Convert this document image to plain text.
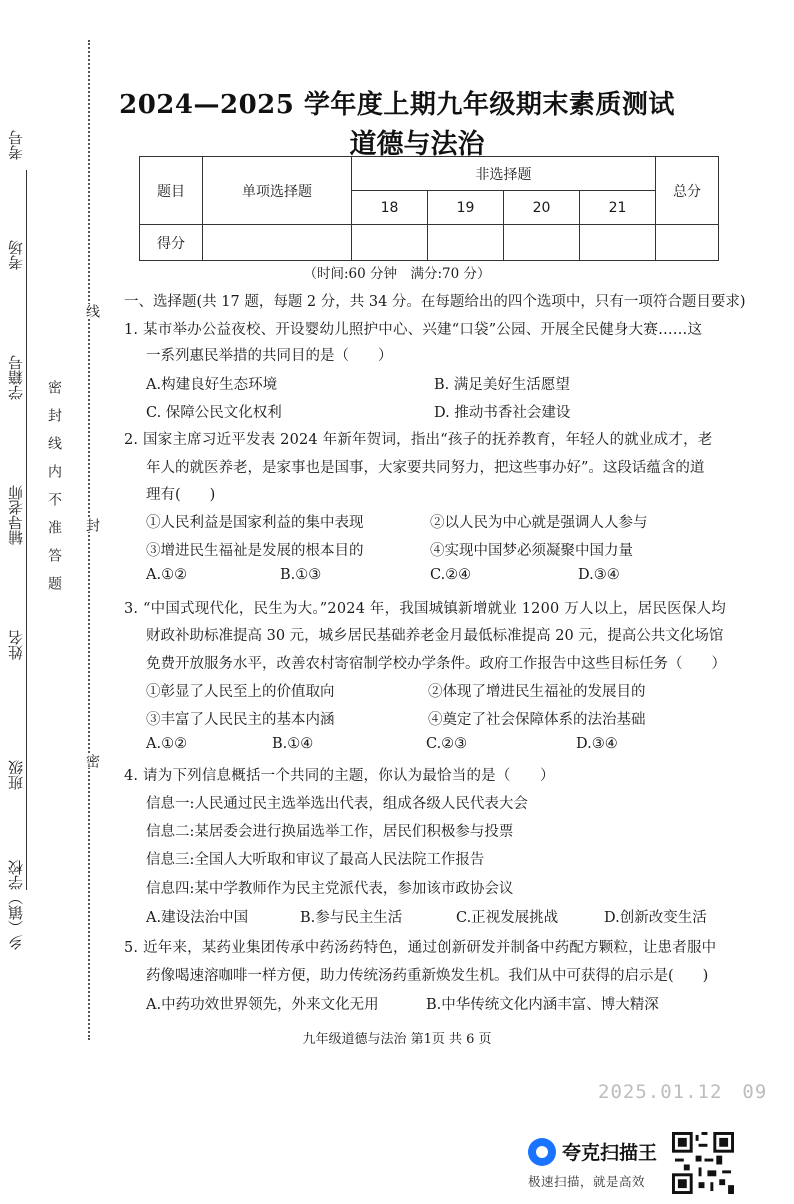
考号
考场
学籍号
辅导老师
姓名
班级
乡（镇）学校
密　封　线　内　不　准　答　题
线
封
密
2024—2025 学年度上期九年级期末素质测试
道德与法治
题目	单项选择题	非选择题				总分
		18	19	20	21	
得分						
（时间:60 分钟　满分:70 分）
一、选择题(共 17 题，每题 2 分，共 34 分。在每题给出的四个选项中，只有一项符合题目要求)
1. 某市举办公益夜校、开设婴幼儿照护中心、兴建“口袋”公园、开展全民健身大赛……这
一系列惠民举措的共同目的是（　　）
A.构建良好生态环境	B. 满足美好生活愿望
C. 保障公民文化权利	D. 推动书香社会建设
2. 国家主席习近平发表 2024 年新年贺词，指出“孩子的抚养教育，年轻人的就业成才，老
年人的就医养老，是家事也是国事，大家要共同努力，把这些事办好”。这段话蕴含的道
理有(　　)
①人民利益是国家利益的集中表现	②以人民为中心就是强调人人参与
③增进民生福祉是发展的根本目的	④实现中国梦必须凝聚中国力量
A.①②	B.①③	C.②④	D.③④
3. “中国式现代化，民生为大。”2024 年，我国城镇新增就业 1200 万人以上，居民医保人均
财政补助标准提高 30 元，城乡居民基础养老金月最低标准提高 20 元，提高公共文化场馆
免费开放服务水平，改善农村寄宿制学校办学条件。政府工作报告中这些目标任务（　　）
①彰显了人民至上的价值取向	②体现了增进民生福祉的发展目的
③丰富了人民民主的基本内涵	④奠定了社会保障体系的法治基础
A.①②	B.①④	C.②③	D.③④
4. 请为下列信息概括一个共同的主题，你认为最恰当的是（　　）
信息一:人民通过民主选举选出代表，组成各级人民代表大会
信息二:某居委会进行换届选举工作，居民们积极参与投票
信息三:全国人大听取和审议了最高人民法院工作报告
信息四:某中学教师作为民主党派代表，参加该市政协会议
A.建设法治中国	B.参与民主生活	C.正视发展挑战	D.创新改变生活
5. 近年来，某药业集团传承中药汤药特色，通过创新研发并制备中药配方颗粒，让患者服中
药像喝速溶咖啡一样方便，助力传统汤药重新焕发生机。我们从中可获得的启示是(　　)
A.中药功效世界领先，外来文化无用	B.中华传统文化内涵丰富、博大精深
九年级道德与法治 第1页 共 6 页
2025.01.12　09
夸克扫描王
极速扫描，就是高效
